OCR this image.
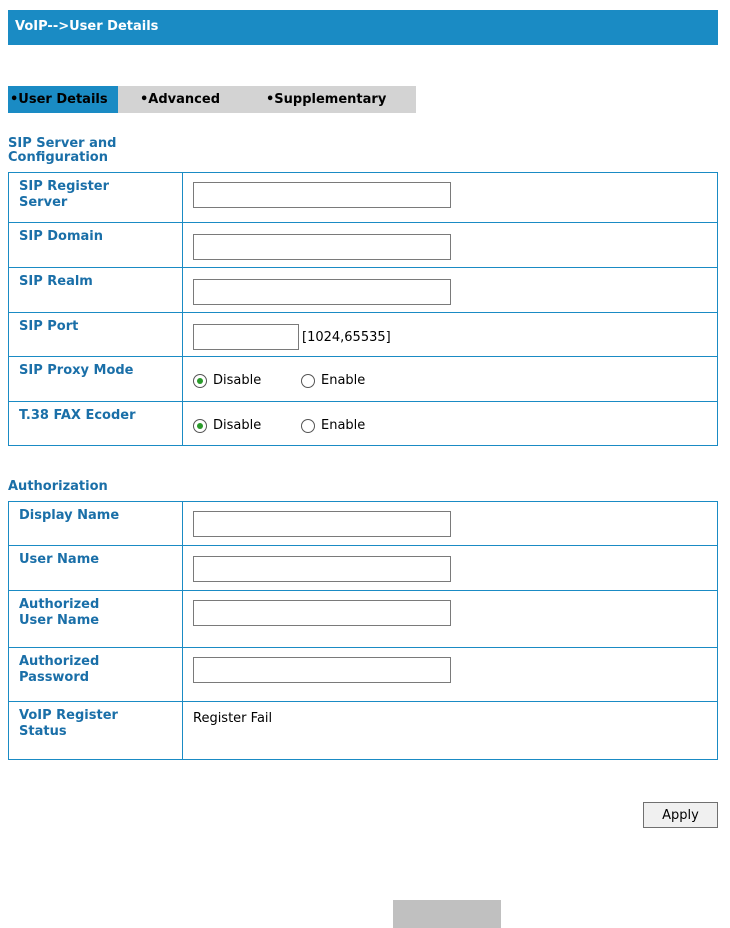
VoIP-->User Details
•User Details	•Advanced	•Supplementary
SIP Server and
Configuration
SIP Register
Server

SIP Domain	

SIP Realm	

SIP Port	[1024,65535]

SIP Proxy Mode	Disable Enable

T.38 FAX Ecoder	Disable Enable
Authorization
Display Name	

User Name	

Authorized
User Name

Authorized
Password

VoIP Register
Status	Register Fail
Apply
